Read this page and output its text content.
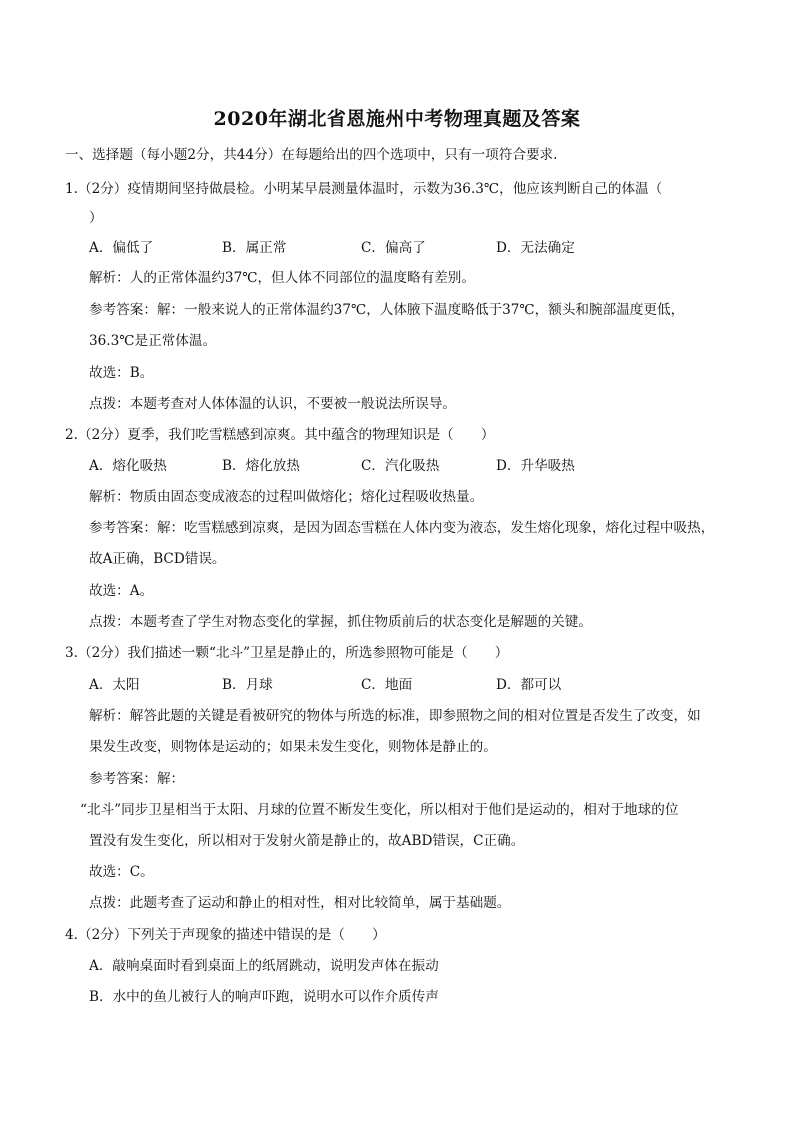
2020年湖北省恩施州中考物理真题及答案
一、选择题（每小题2分，共44分）在每题给出的四个选项中，只有一项符合要求.
1.（2分）疫情期间坚持做晨检。小明某早晨测量体温时，示数为36.3℃，他应该判断自己的体温（
）
A．偏低了	B．属正常	C．偏高了	D．无法确定
解析：人的正常体温约37℃，但人体不同部位的温度略有差别。
参考答案：解：一般来说人的正常体温约37℃，人体腋下温度略低于37℃，额头和腕部温度更低，
36.3℃是正常体温。
故选：B。
点拨：本题考查对人体体温的认识，不要被一般说法所误导。
2.（2分）夏季，我们吃雪糕感到凉爽。其中蕴含的物理知识是（　　）
A．熔化吸热	B．熔化放热	C．汽化吸热	D．升华吸热
解析：物质由固态变成液态的过程叫做熔化；熔化过程吸收热量。
参考答案：解：吃雪糕感到凉爽，是因为固态雪糕在人体内变为液态，发生熔化现象，熔化过程中吸热，
故A正确，BCD错误。
故选：A。
点拨：本题考查了学生对物态变化的掌握，抓住物质前后的状态变化是解题的关键。
3.（2分）我们描述一颗“北斗”卫星是静止的，所选参照物可能是（　　）
A．太阳	B．月球	C．地面	D．都可以
解析：解答此题的关键是看被研究的物体与所选的标准，即参照物之间的相对位置是否发生了改变，如
果发生改变，则物体是运动的；如果未发生变化，则物体是静止的。
参考答案：解：
“北斗”同步卫星相当于太阳、月球的位置不断发生变化，所以相对于他们是运动的，相对于地球的位
置没有发生变化，所以相对于发射火箭是静止的，故ABD错误，C正确。
故选：C。
点拨：此题考查了运动和静止的相对性，相对比较简单，属于基础题。
4.（2分）下列关于声现象的描述中错误的是（　　）
A．敲响桌面时看到桌面上的纸屑跳动，说明发声体在振动
B．水中的鱼儿被行人的响声吓跑，说明水可以作介质传声
